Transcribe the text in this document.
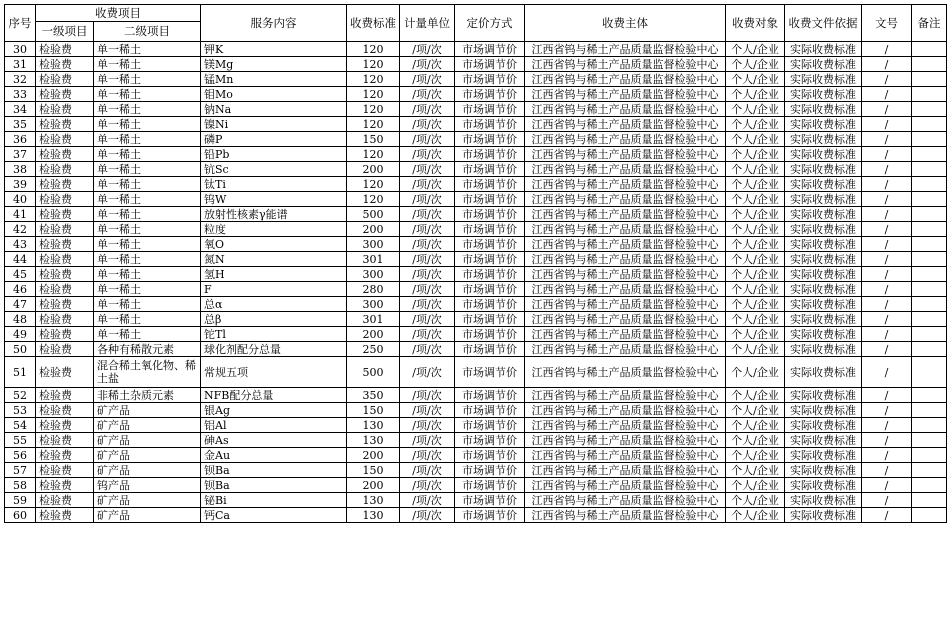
序号	收费项目		服务内容	收费标准	计量单位	定价方式	收费主体	收费对象	收费文件依据	文号	备注
	一级项目	二级项目									
30	检验费	单一稀土	钾K	120	/项/次	市场调节价	江西省钨与稀土产品质量监督检验中心	个人/企业	实际收费标准	/	
31	检验费	单一稀土	镁Mg	120	/项/次	市场调节价	江西省钨与稀土产品质量监督检验中心	个人/企业	实际收费标准	/	
32	检验费	单一稀土	锰Mn	120	/项/次	市场调节价	江西省钨与稀土产品质量监督检验中心	个人/企业	实际收费标准	/	
33	检验费	单一稀土	钼Mo	120	/项/次	市场调节价	江西省钨与稀土产品质量监督检验中心	个人/企业	实际收费标准	/	
34	检验费	单一稀土	钠Na	120	/项/次	市场调节价	江西省钨与稀土产品质量监督检验中心	个人/企业	实际收费标准	/	
35	检验费	单一稀土	镍Ni	120	/项/次	市场调节价	江西省钨与稀土产品质量监督检验中心	个人/企业	实际收费标准	/	
36	检验费	单一稀土	磷P	150	/项/次	市场调节价	江西省钨与稀土产品质量监督检验中心	个人/企业	实际收费标准	/	
37	检验费	单一稀土	铅Pb	120	/项/次	市场调节价	江西省钨与稀土产品质量监督检验中心	个人/企业	实际收费标准	/	
38	检验费	单一稀土	钪Sc	200	/项/次	市场调节价	江西省钨与稀土产品质量监督检验中心	个人/企业	实际收费标准	/	
39	检验费	单一稀土	钛Ti	120	/项/次	市场调节价	江西省钨与稀土产品质量监督检验中心	个人/企业	实际收费标准	/	
40	检验费	单一稀土	钨W	120	/项/次	市场调节价	江西省钨与稀土产品质量监督检验中心	个人/企业	实际收费标准	/	
41	检验费	单一稀土	放射性核素γ能谱	500	/项/次	市场调节价	江西省钨与稀土产品质量监督检验中心	个人/企业	实际收费标准	/	
42	检验费	单一稀土	粒度	200	/项/次	市场调节价	江西省钨与稀土产品质量监督检验中心	个人/企业	实际收费标准	/	
43	检验费	单一稀土	氧O	300	/项/次	市场调节价	江西省钨与稀土产品质量监督检验中心	个人/企业	实际收费标准	/	
44	检验费	单一稀土	氮N	301	/项/次	市场调节价	江西省钨与稀土产品质量监督检验中心	个人/企业	实际收费标准	/	
45	检验费	单一稀土	氢H	300	/项/次	市场调节价	江西省钨与稀土产品质量监督检验中心	个人/企业	实际收费标准	/	
46	检验费	单一稀土	F	280	/项/次	市场调节价	江西省钨与稀土产品质量监督检验中心	个人/企业	实际收费标准	/	
47	检验费	单一稀土	总α	300	/项/次	市场调节价	江西省钨与稀土产品质量监督检验中心	个人/企业	实际收费标准	/	
48	检验费	单一稀土	总β	301	/项/次	市场调节价	江西省钨与稀土产品质量监督检验中心	个人/企业	实际收费标准	/	
49	检验费	单一稀土	铊Tl	200	/项/次	市场调节价	江西省钨与稀土产品质量监督检验中心	个人/企业	实际收费标准	/	
50	检验费	各种有稀散元素	球化剂配分总量	250	/项/次	市场调节价	江西省钨与稀土产品质量监督检验中心	个人/企业	实际收费标准	/	
51	检验费	混合稀土氧化物、稀土盐	常规五项	500	/项/次	市场调节价	江西省钨与稀土产品质量监督检验中心	个人/企业	实际收费标准	/	
52	检验费	非稀土杂质元素	NFB配分总量	350	/项/次	市场调节价	江西省钨与稀土产品质量监督检验中心	个人/企业	实际收费标准	/	
53	检验费	矿产品	银Ag	150	/项/次	市场调节价	江西省钨与稀土产品质量监督检验中心	个人/企业	实际收费标准	/	
54	检验费	矿产品	铝Al	130	/项/次	市场调节价	江西省钨与稀土产品质量监督检验中心	个人/企业	实际收费标准	/	
55	检验费	矿产品	砷As	130	/项/次	市场调节价	江西省钨与稀土产品质量监督检验中心	个人/企业	实际收费标准	/	
56	检验费	矿产品	金Au	200	/项/次	市场调节价	江西省钨与稀土产品质量监督检验中心	个人/企业	实际收费标准	/	
57	检验费	矿产品	钡Ba	150	/项/次	市场调节价	江西省钨与稀土产品质量监督检验中心	个人/企业	实际收费标准	/	
58	检验费	钨产品	钡Ba	200	/项/次	市场调节价	江西省钨与稀土产品质量监督检验中心	个人/企业	实际收费标准	/	
59	检验费	矿产品	铋Bi	130	/项/次	市场调节价	江西省钨与稀土产品质量监督检验中心	个人/企业	实际收费标准	/	
60	检验费	矿产品	钙Ca	130	/项/次	市场调节价	江西省钨与稀土产品质量监督检验中心	个人/企业	实际收费标准	/	
